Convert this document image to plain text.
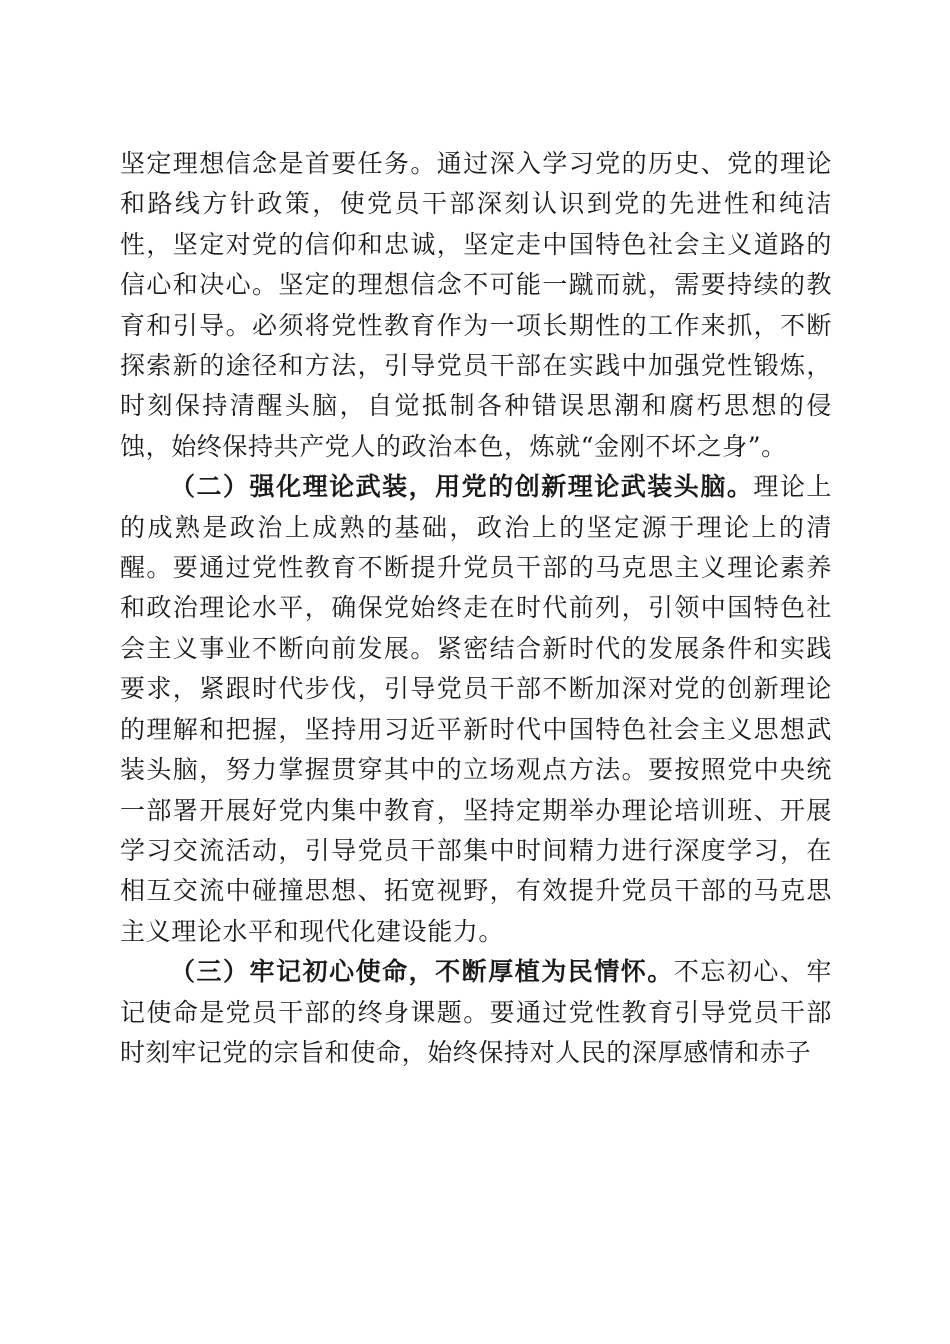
坚定理想信念是首要任务。通过深入学习党的历史、党的理论和路线方针政策，使党员干部深刻认识到党的先进性和纯洁性，坚定对党的信仰和忠诚，坚定走中国特色社会主义道路的信心和决心。坚定的理想信念不可能一蹴而就，需要持续的教育和引导。必须将党性教育作为一项长期性的工作来抓，不断探索新的途径和方法，引导党员干部在实践中加强党性锻炼，时刻保持清醒头脑，自觉抵制各种错误思潮和腐朽思想的侵蚀，始终保持共产党人的政治本色，炼就“金刚不坏之身”。

（二）强化理论武装，用党的创新理论武装头脑。理论上的成熟是政治上成熟的基础，政治上的坚定源于理论上的清醒。要通过党性教育不断提升党员干部的马克思主义理论素养和政治理论水平，确保党始终走在时代前列，引领中国特色社会主义事业不断向前发展。紧密结合新时代的发展条件和实践要求，紧跟时代步伐，引导党员干部不断加深对党的创新理论的理解和把握，坚持用习近平新时代中国特色社会主义思想武装头脑，努力掌握贯穿其中的立场观点方法。要按照党中央统一部署开展好党内集中教育，坚持定期举办理论培训班、开展学习交流活动，引导党员干部集中时间精力进行深度学习，在相互交流中碰撞思想、拓宽视野，有效提升党员干部的马克思主义理论水平和现代化建设能力。

（三）牢记初心使命，不断厚植为民情怀。不忘初心、牢记使命是党员干部的终身课题。要通过党性教育引导党员干部时刻牢记党的宗旨和使命，始终保持对人民的深厚感情和赤子
